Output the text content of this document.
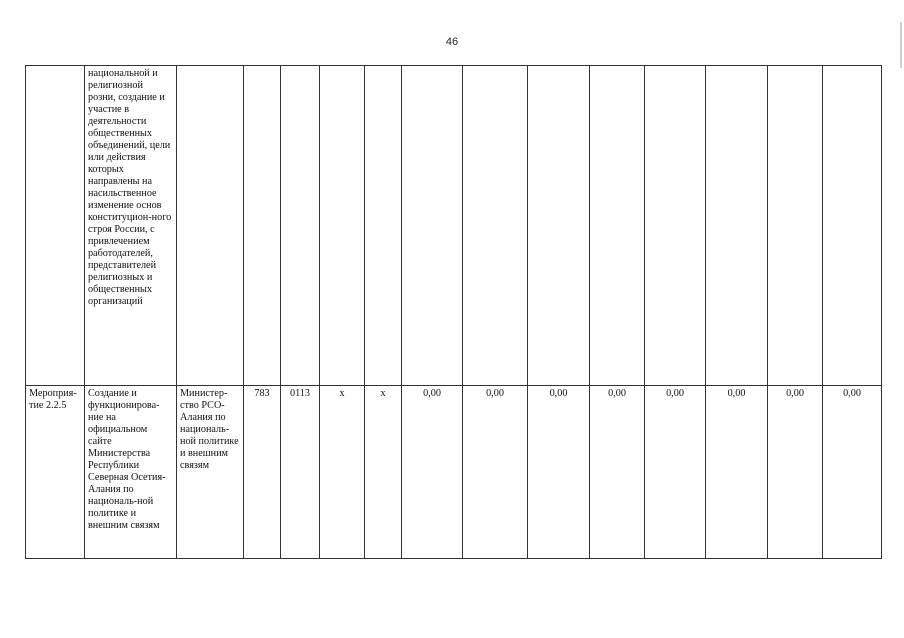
46
	национальной и религиозной розни, создание и участие в деятельности общественных объединений, цели или действия которых направлены на насильственное изменение основ конституцион-ного строя России, с привлечением работодателей, представителей религиозных и общественных организаций													
Мероприя-тие 2.2.5	Создание и функционирова-ние на официальном сайте Министерства Республики Северная Осетия-Алания по националь-ной политике и внешним связям	Министер-ство РСО-Алания по националь-ной политике и внешним связям	783	0113	x	x	0,00	0,00	0,00	0,00	0,00	0,00	0,00	0,00
